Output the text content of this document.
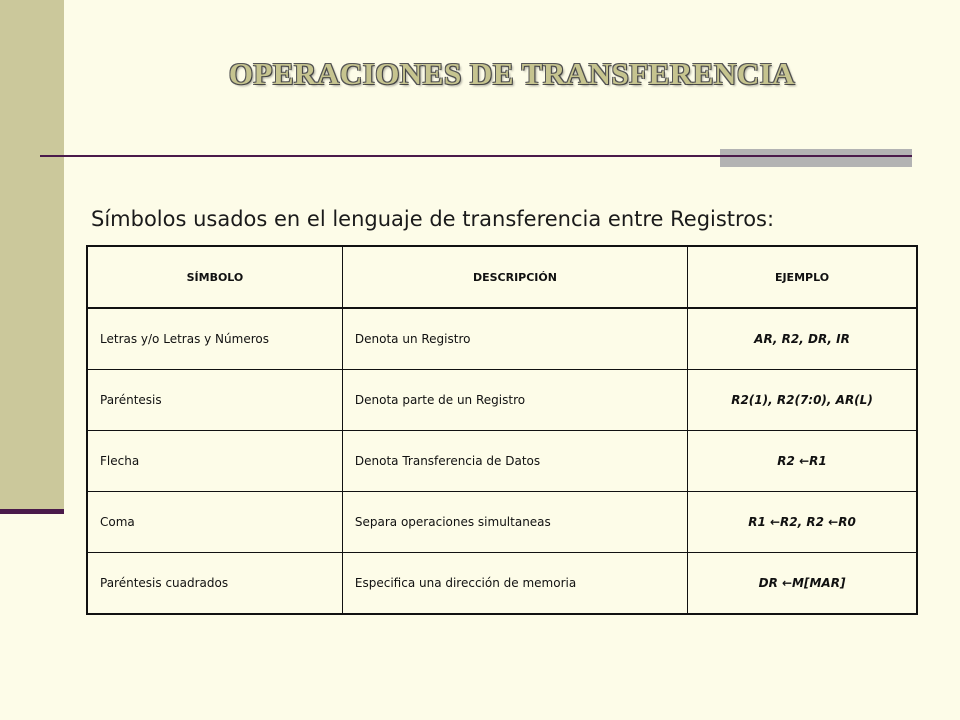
OPERACIONES DE TRANSFERENCIA
Símbolos usados en el lenguaje de transferencia entre Registros:
SÍMBOLO	DESCRIPCIÓN	EJEMPLO
Letras y/o Letras y Números	Denota un Registro	AR, R2, DR, IR
Paréntesis	Denota parte de un Registro	R2(1), R2(7:0), AR(L)
Flecha	Denota Transferencia de Datos	R2 ←R1
Coma	Separa operaciones simultaneas	R1 ←R2, R2 ←R0
Paréntesis cuadrados	Especifica una dirección de memoria	DR ←M[MAR]
